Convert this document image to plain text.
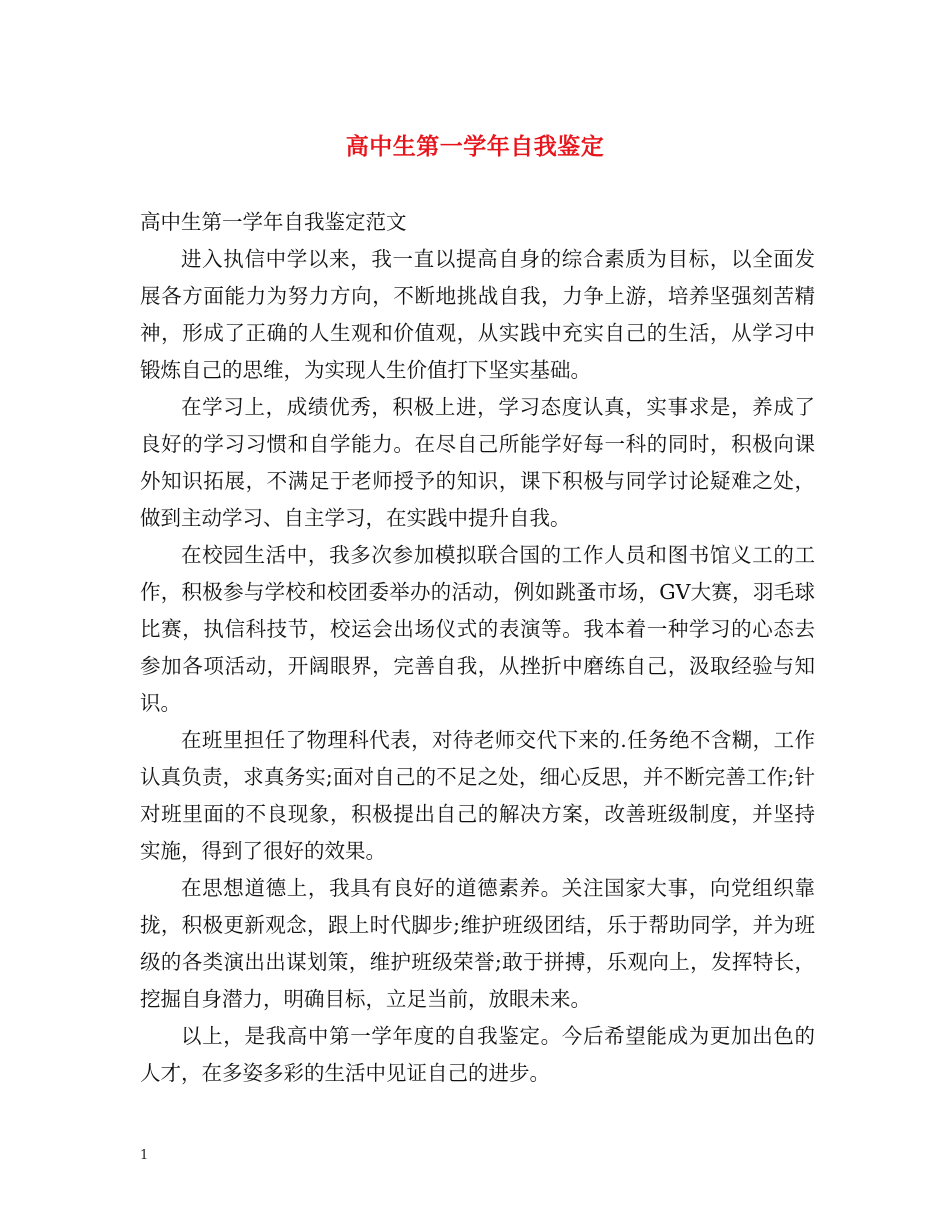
高中生第一学年自我鉴定

高中生第一学年自我鉴定范文

进入执信中学以来，我一直以提高自身的综合素质为目标，以全面发展各方面能力为努力方向，不断地挑战自我，力争上游，培养坚强刻苦精神，形成了正确的人生观和价值观，从实践中充实自己的生活，从学习中锻炼自己的思维，为实现人生价值打下坚实基础。

在学习上，成绩优秀，积极上进，学习态度认真，实事求是，养成了良好的学习习惯和自学能力。在尽自己所能学好每一科的同时，积极向课外知识拓展，不满足于老师授予的知识，课下积极与同学讨论疑难之处，做到主动学习、自主学习，在实践中提升自我。

在校园生活中，我多次参加模拟联合国的工作人员和图书馆义工的工作，积极参与学校和校团委举办的活动，例如跳蚤市场，GV大赛，羽毛球比赛，执信科技节，校运会出场仪式的表演等。我本着一种学习的心态去参加各项活动，开阔眼界，完善自我，从挫折中磨练自己，汲取经验与知识。

在班里担任了物理科代表，对待老师交代下来的.任务绝不含糊，工作认真负责，求真务实;面对自己的不足之处，细心反思，并不断完善工作;针对班里面的不良现象，积极提出自己的解决方案，改善班级制度，并坚持实施，得到了很好的效果。

在思想道德上，我具有良好的道德素养。关注国家大事，向党组织靠拢，积极更新观念，跟上时代脚步;维护班级团结，乐于帮助同学，并为班级的各类演出出谋划策，维护班级荣誉;敢于拼搏，乐观向上，发挥特长，挖掘自身潜力，明确目标，立足当前，放眼未来。

以上，是我高中第一学年度的自我鉴定。今后希望能成为更加出色的人才，在多姿多彩的生活中见证自己的进步。

1
